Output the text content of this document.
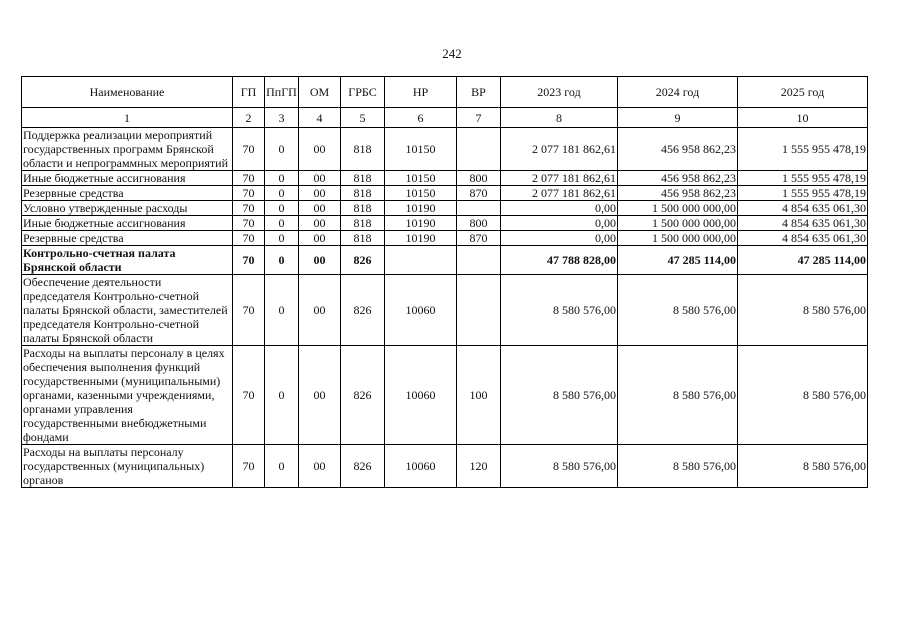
242
Наименование	ГП	ПпГП	ОМ	ГРБС	НР	ВР	2023 год	2024 год	2025 год
1	2	3	4	5	6	7	8	9	10
Поддержка реализации мероприятий государственных программ Брянской области и непрограммных мероприятий	70	0	00	818	10150		2 077 181 862,61	456 958 862,23	1 555 955 478,19
Иные бюджетные ассигнования	70	0	00	818	10150	800	2 077 181 862,61	456 958 862,23	1 555 955 478,19
Резервные средства	70	0	00	818	10150	870	2 077 181 862,61	456 958 862,23	1 555 955 478,19
Условно утвержденные расходы	70	0	00	818	10190		0,00	1 500 000 000,00	4 854 635 061,30
Иные бюджетные ассигнования	70	0	00	818	10190	800	0,00	1 500 000 000,00	4 854 635 061,30
Резервные средства	70	0	00	818	10190	870	0,00	1 500 000 000,00	4 854 635 061,30
Контрольно-счетная палата Брянской области	70	0	00	826			47 788 828,00	47 285 114,00	47 285 114,00
Обеспечение деятельности председателя Контрольно-счетной палаты Брянской области, заместителей председателя Контрольно-счетной палаты Брянской области	70	0	00	826	10060		8 580 576,00	8 580 576,00	8 580 576,00
Расходы на выплаты персоналу в целях обеспечения выполнения функций государственными (муниципальными) органами, казенными учреждениями, органами управления государственными внебюджетными фондами	70	0	00	826	10060	100	8 580 576,00	8 580 576,00	8 580 576,00
Расходы на выплаты персоналу государственных (муниципальных) органов	70	0	00	826	10060	120	8 580 576,00	8 580 576,00	8 580 576,00
